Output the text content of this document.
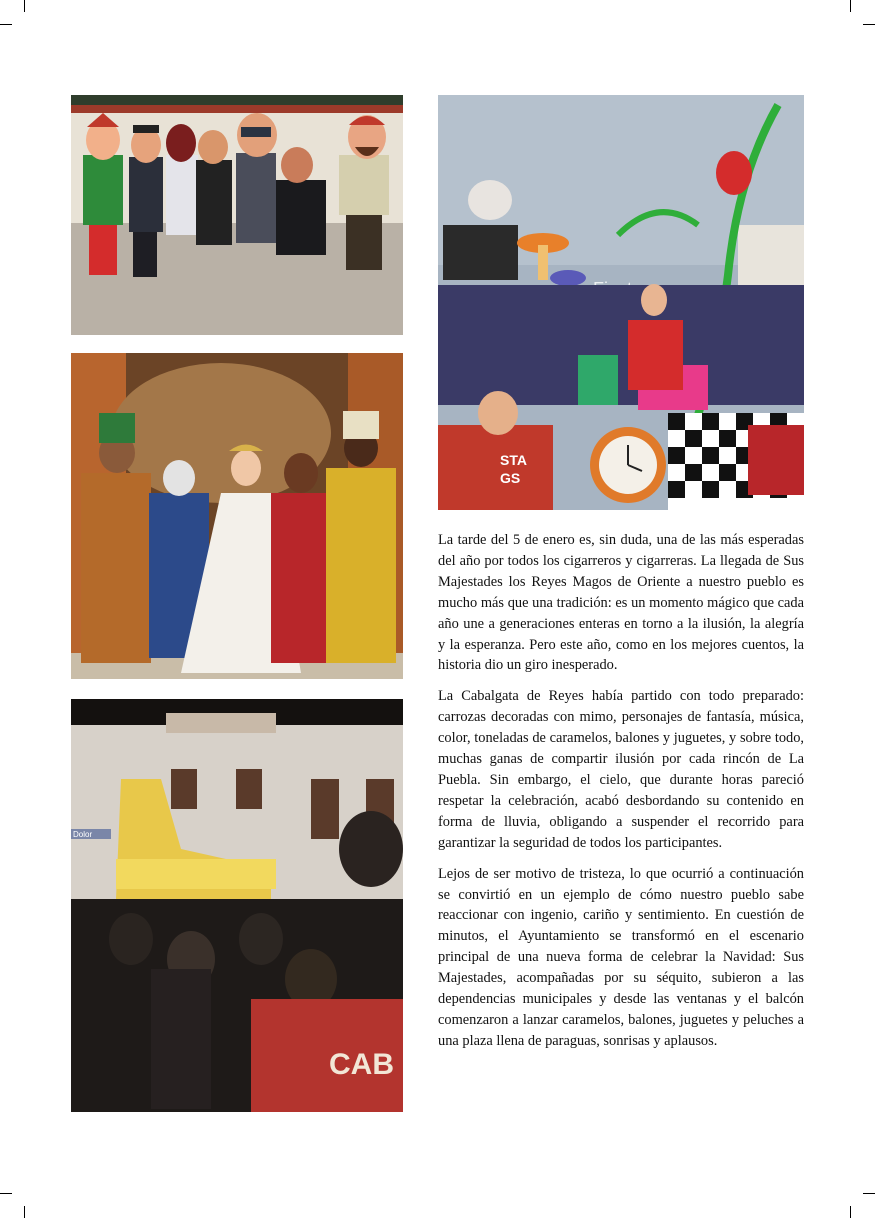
Dolor
CAB
STA
GS

La tarde del 5 de enero es, sin duda, una de las más esperadas del año por todos los cigarreros y cigarreras. La llegada de Sus Majestades los Reyes Magos de Oriente a nuestro pueblo es mucho más que una tradición: es un momento mágico que cada año une a generaciones enteras en torno a la ilusión, la alegría y la esperanza. Pero este año, como en los mejores cuentos, la historia dio un giro inesperado.

La Cabalgata de Reyes había partido con todo preparado: carrozas decoradas con mimo, personajes de fantasía, música, color, toneladas de caramelos, balones y juguetes, y sobre todo, muchas ganas de compartir ilusión por cada rincón de La Puebla. Sin embargo, el cielo, que durante horas pareció respetar la celebración, acabó desbordando su contenido en forma de lluvia, obligando a suspender el recorrido para garantizar la seguridad de todos los participantes.

Lejos de ser motivo de tristeza, lo que ocurrió a continuación se convirtió en un ejemplo de cómo nuestro pueblo sabe reaccionar con ingenio, cariño y sentimiento. En cuestión de minutos, el Ayuntamiento se transformó en el escenario principal de una nueva forma de celebrar la Navidad: Sus Majestades, acompañadas por su séquito, subieron a las dependencias municipales y desde las ventanas y el balcón comenzaron a lanzar caramelos, balones, juguetes y peluches a una plaza llena de paraguas, sonrisas y aplausos.
